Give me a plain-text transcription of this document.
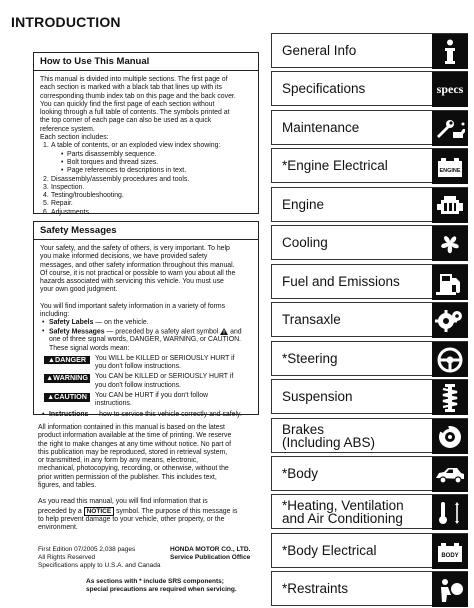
INTRODUCTION
How to Use This Manual

This manual is divided into multiple sections. The first page of

each section is marked with a black tab that lines up with its

corresponding thumb index tab on this page and the back cover.

You can quickly find the first page of each section without

looking through a full table of contents. The symbols printed at

the top corner of each page can also be used as a quick

reference system.

Each section includes:

1. A table of contents, or an exploded view index showing:
• Parts disassembly sequence.
• Bolt torques and thread sizes.
• Page references to descriptions in text.
2. Disassembly/assembly procedures and tools.
3. Inspection.
4. Testing/troubleshooting.
5. Repair.
6. Adjustments.
Safety Messages

Your safety, and the safety of others, is very important. To help

you make informed decisions, we have provided safety

messages, and other safety information throughout this manual.

Of course, it is not practical or possible to warn you about all the

hazards associated with servicing this vehicle. You must use

your own good judgment.

You will find important safety information in a variety of forms

including:

• Safety Labels — on the vehicle.
• Safety Messages — preceded by a safety alert symbol  and
one of three signal words, DANGER, WARNING, or CAUTION.
These signal words mean:
▲DANGER	You WILL be KILLED or SERIOUSLY HURT if

you don't follow instructions.

▲WARNING	You CAN be KILLED or SERIOUSLY HURT if

you don't follow instructions.

▲CAUTION	You CAN be HURT if you don't follow

instructions.

• Instructions — how to service this vehicle correctly and safely.

All information contained in this manual is based on the latest

product information available at the time of printing. We reserve

the right to make changes at any time without notice. No part of

this publication may be reproduced, stored in retrieval system,

or transmitted, in any form by any means, electronic,

mechanical, photocopying, recording, or otherwise, without the

prior written permission of the publisher. This includes text,

figures, and tables.

As you read this manual, you will find information that is

preceded by a NOTICE symbol. The purpose of this message is

to help prevent damage to your vehicle, other property, or the

environment.

First Edition 07/2005 2,038 pages

All Rights Reserved

Specifications apply to U.S.A. and Canada

HONDA MOTOR CO., LTD.

Service Publication Office

As sections with * include SRS components;

special precautions are required when servicing.

General Info
Specifications	specs
Maintenance
*Engine Electrical	ENGINE
Engine
Cooling
Fuel and Emissions
Transaxle
*Steering
Suspension
Brakes
(Including ABS)
*Body
*Heating, Ventilation
and Air Conditioning
*Body Electrical	BODY
*Restraints
